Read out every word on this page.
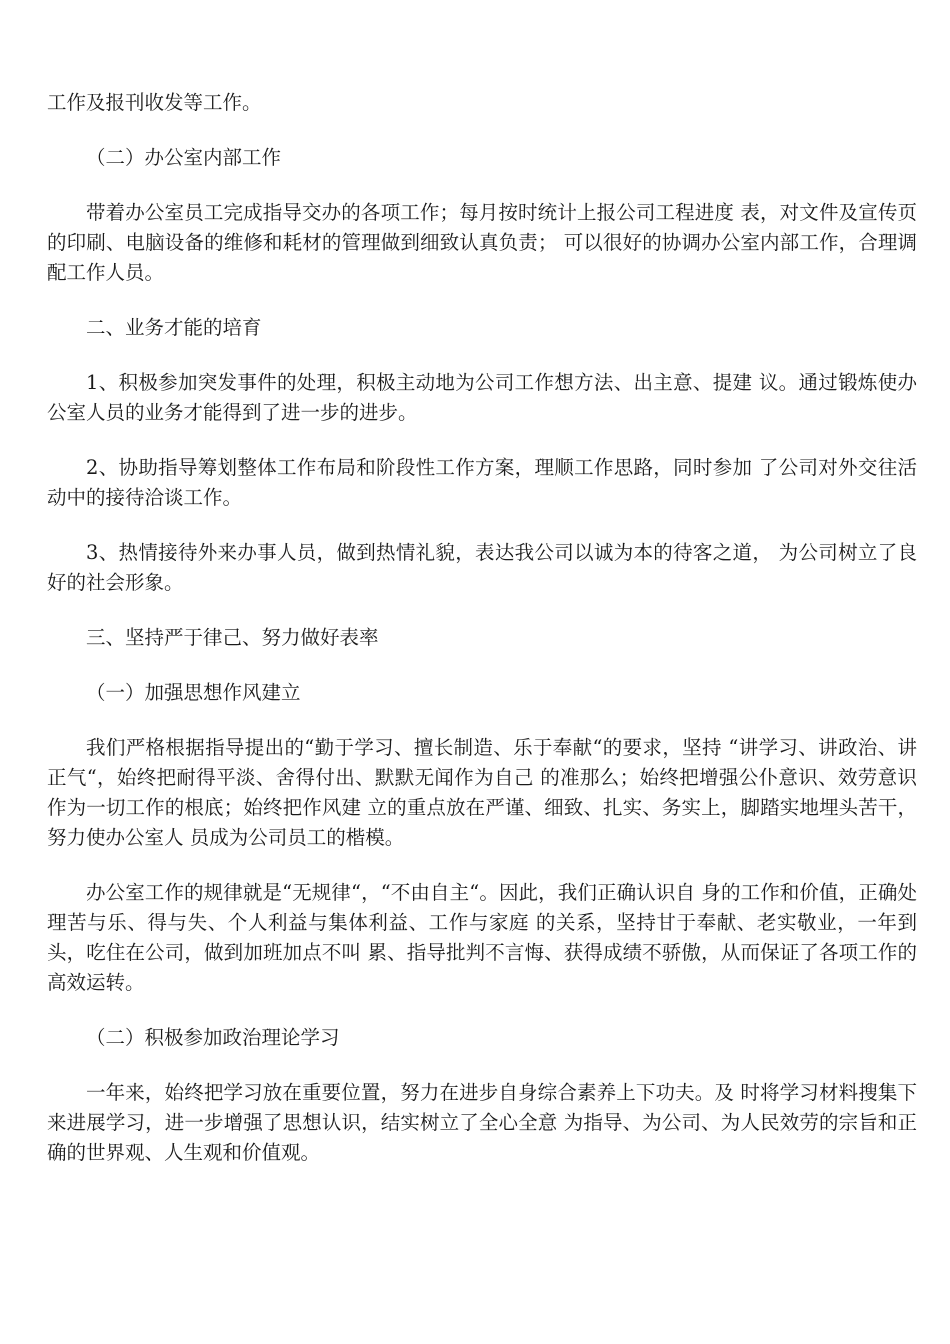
工作及报刊收发等工作。

（二）办公室内部工作

带着办公室员工完成指导交办的各项工作；每月按时统计上报公司工程进度 表，对文件及宣传页的印刷、电脑设备的维修和耗材的管理做到细致认真负责； 可以很好的协调办公室内部工作，合理调配工作人员。

二、业务才能的培育

1、积极参加突发事件的处理，积极主动地为公司工作想方法、出主意、提建 议。通过锻炼使办公室人员的业务才能得到了进一步的进步。

2、协助指导筹划整体工作布局和阶段性工作方案，理顺工作思路，同时参加 了公司对外交往活动中的接待洽谈工作。

3、热情接待外来办事人员，做到热情礼貌，表达我公司以诚为本的待客之道， 为公司树立了良好的社会形象。

三、坚持严于律己、努力做好表率

（一）加强思想作风建立

我们严格根据指导提出的“勤于学习、擅长制造、乐于奉献“的要求，坚持 “讲学习、讲政治、讲正气“，始终把耐得平淡、舍得付出、默默无闻作为自己 的准那么；始终把增强公仆意识、效劳意识作为一切工作的根底；始终把作风建 立的重点放在严谨、细致、扎实、务实上，脚踏实地埋头苦干，努力使办公室人 员成为公司员工的楷模。

办公室工作的规律就是“无规律“，“不由自主“。因此，我们正确认识自 身的工作和价值，正确处理苦与乐、得与失、个人利益与集体利益、工作与家庭 的关系，坚持甘于奉献、老实敬业，一年到头，吃住在公司，做到加班加点不叫 累、指导批判不言悔、获得成绩不骄傲，从而保证了各项工作的高效运转。

（二）积极参加政治理论学习

一年来，始终把学习放在重要位置，努力在进步自身综合素养上下功夫。及 时将学习材料搜集下来进展学习，进一步增强了思想认识，结实树立了全心全意 为指导、为公司、为人民效劳的宗旨和正确的世界观、人生观和价值观。
